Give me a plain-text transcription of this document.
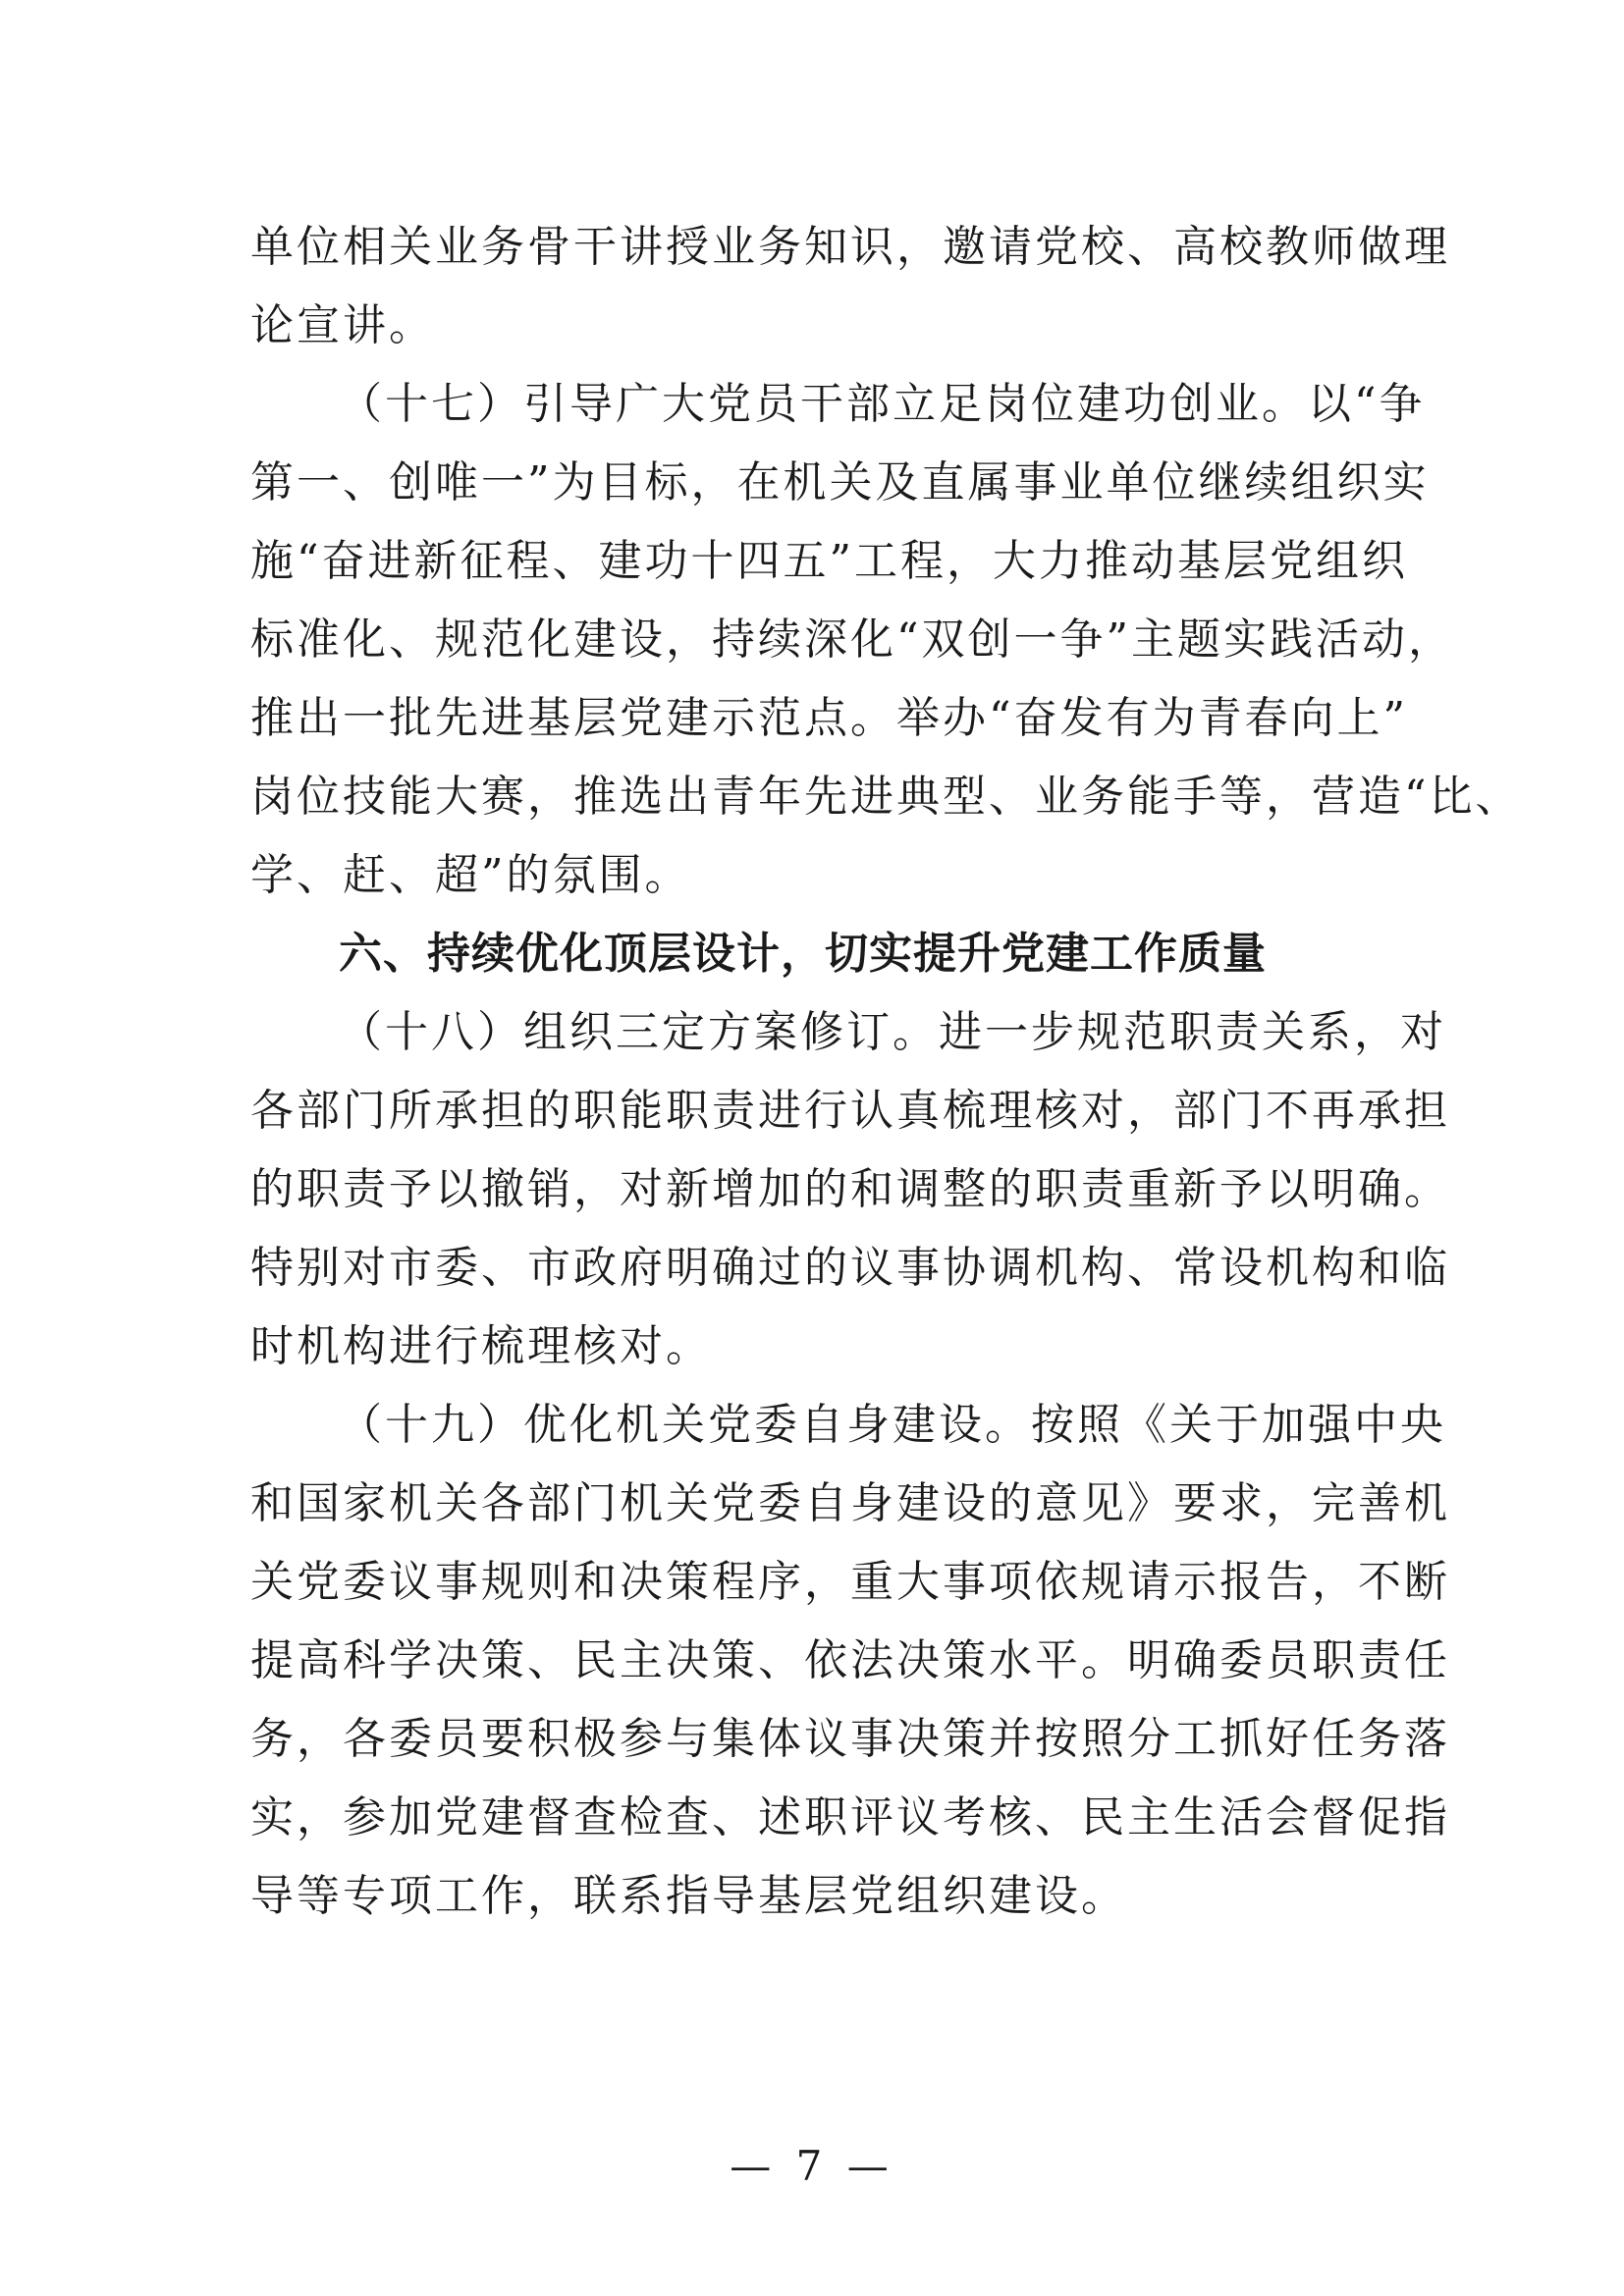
单位相关业务骨干讲授业务知识，邀请党校、高校教师做理

论宣讲。

（十七）引导广大党员干部立足岗位建功创业。以“争

第一、创唯一”为目标，在机关及直属事业单位继续组织实

施“奋进新征程、建功十四五”工程，大力推动基层党组织

标准化、规范化建设，持续深化“双创一争”主题实践活动，

推出一批先进基层党建示范点。举办“奋发有为青春向上”

岗位技能大赛，推选出青年先进典型、业务能手等，营造“比、

学、赶、超”的氛围。

六、持续优化顶层设计，切实提升党建工作质量

（十八）组织三定方案修订。进一步规范职责关系，对

各部门所承担的职能职责进行认真梳理核对，部门不再承担

的职责予以撤销，对新增加的和调整的职责重新予以明确。

特别对市委、市政府明确过的议事协调机构、常设机构和临

时机构进行梳理核对。

（十九）优化机关党委自身建设。按照《关于加强中央

和国家机关各部门机关党委自身建设的意见》要求，完善机

关党委议事规则和决策程序，重大事项依规请示报告，不断

提高科学决策、民主决策、依法决策水平。明确委员职责任

务，各委员要积极参与集体议事决策并按照分工抓好任务落

实，参加党建督查检查、述职评议考核、民主生活会督促指

导等专项工作，联系指导基层党组织建设。

— 7 —
